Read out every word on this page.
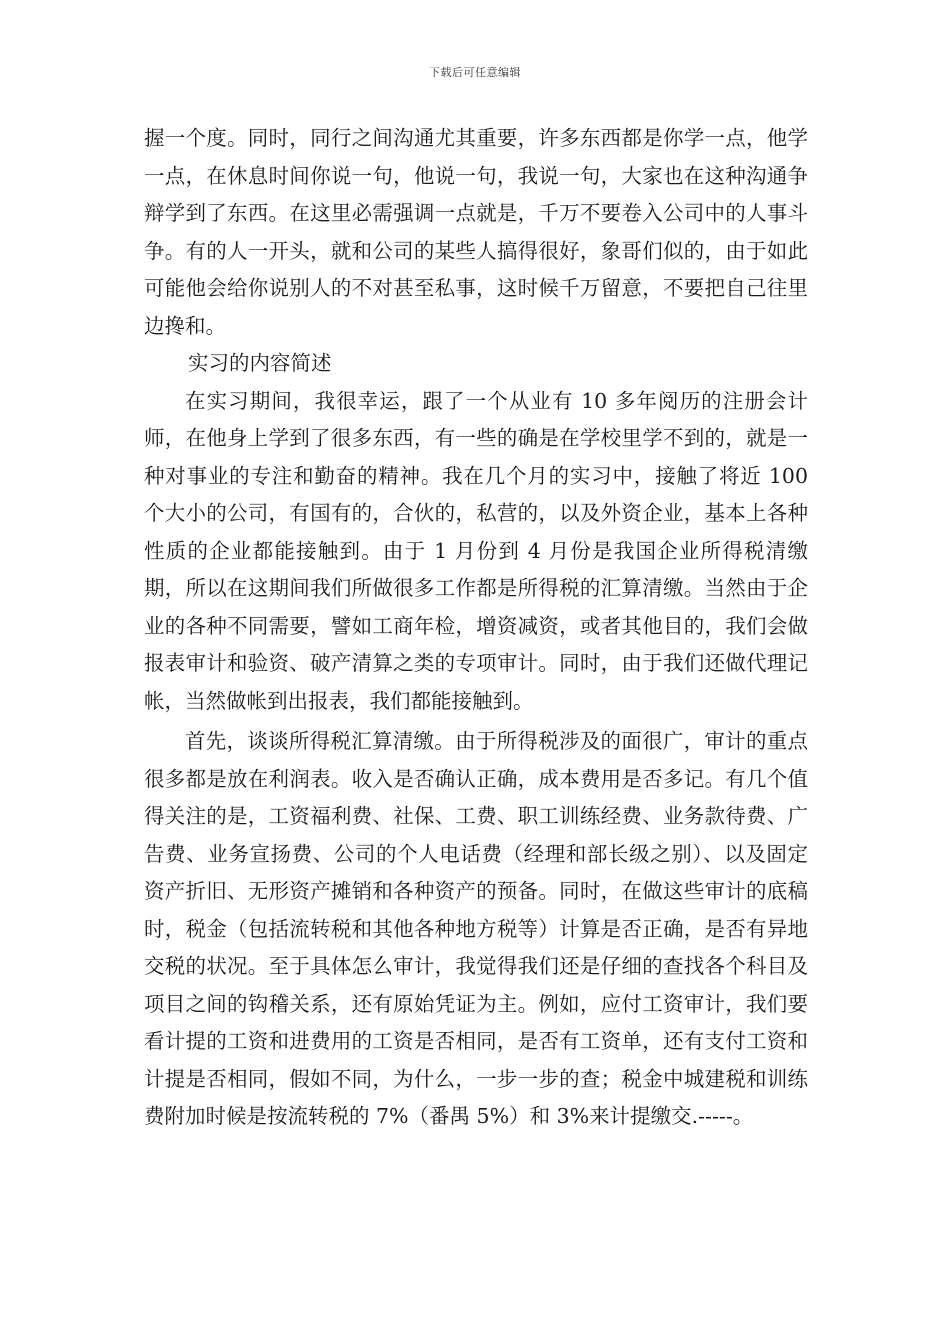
下载后可任意编辑

握一个度。同时，同行之间沟通尤其重要，许多东西都是你学一点，他学一点，在休息时间你说一句，他说一句，我说一句，大家也在这种沟通争辩学到了东西。在这里必需强调一点就是，千万不要卷入公司中的人事斗争。有的人一开头，就和公司的某些人搞得很好，象哥们似的，由于如此可能他会给你说别人的不对甚至私事，这时候千万留意，不要把自己往里边搀和。

实习的内容简述

在实习期间，我很幸运，跟了一个从业有 10 多年阅历的注册会计师，在他身上学到了很多东西，有一些的确是在学校里学不到的，就是一种对事业的专注和勤奋的精神。我在几个月的实习中，接触了将近 100 个大小的公司，有国有的，合伙的，私营的，以及外资企业，基本上各种性质的企业都能接触到。由于 1 月份到 4 月份是我国企业所得税清缴期，所以在这期间我们所做很多工作都是所得税的汇算清缴。当然由于企业的各种不同需要，譬如工商年检，增资减资，或者其他目的，我们会做报表审计和验资、破产清算之类的专项审计。同时，由于我们还做代理记帐，当然做帐到出报表，我们都能接触到。

首先，谈谈所得税汇算清缴。由于所得税涉及的面很广，审计的重点很多都是放在利润表。收入是否确认正确，成本费用是否多记。有几个值得关注的是，工资福利费、社保、工费、职工训练经费、业务款待费、广告费、业务宣扬费、公司的个人电话费（经理和部长级之别）、以及固定资产折旧、无形资产摊销和各种资产的预备。同时，在做这些审计的底稿时，税金（包括流转税和其他各种地方税等）计算是否正确，是否有异地交税的状况。至于具体怎么审计，我觉得我们还是仔细的查找各个科目及项目之间的钩稽关系，还有原始凭证为主。例如，应付工资审计，我们要看计提的工资和进费用的工资是否相同，是否有工资单，还有支付工资和计提是否相同，假如不同，为什么，一步一步的查；税金中城建税和训练费附加时候是按流转税的 7%（番禺 5%）和 3%来计提缴交.-----。
